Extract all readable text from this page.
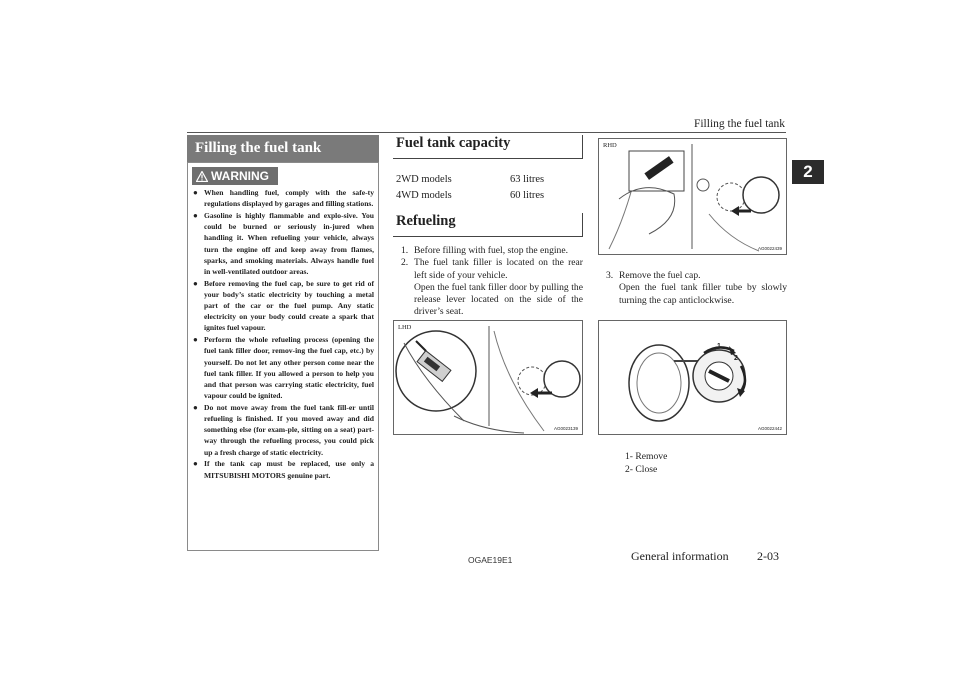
Filling the fuel tank
2
Filling the fuel tank
WARNING
● When handling fuel, comply with the safe-ty regulations displayed by garages and filling stations.
● Gasoline is highly flammable and explo-sive. You could be burned or seriously in-jured when handling it. When refueling your vehicle, always turn the engine off and keep away from flames, sparks, and smoking materials. Always handle fuel in well-ventilated outdoor areas.
● Before removing the fuel cap, be sure to get rid of your body’s static electricity by touching a metal part of the car or the fuel pump. Any static electricity on your body could create a spark that ignites fuel vapour.
● Perform the whole refueling process (opening the fuel tank filler door, remov-ing the fuel cap, etc.) by yourself. Do not let any other person come near the fuel tank filler. If you allowed a person to help you and that person was carrying static electricity, fuel vapour could be ignited.
● Do not move away from the fuel tank fill-er until refueling is finished. If you moved away and did something else (for exam-ple, sitting on a seat) part-way through the refueling process, you could pick up a fresh charge of static electricity.
● If the tank cap must be replaced, use only a MITSUBISHI MOTORS genuine part.
Fuel tank capacity
2WD models	63 litres
4WD models	60 litres
Refueling
1. Before filling with fuel, stop the engine.
2. The fuel tank filler is located on the rear left side of your vehicle.
Open the fuel tank filler door by pulling the release lever located on the side of the driver’s seat.
LHD
AG0023139
RHD
AG0022439
3. Remove the fuel cap.
Open the fuel tank filler tube by slowly turning the cap anticlockwise.
1
2
AG0022442
1- Remove
2- Close
OGAE19E1	General information 2-03
